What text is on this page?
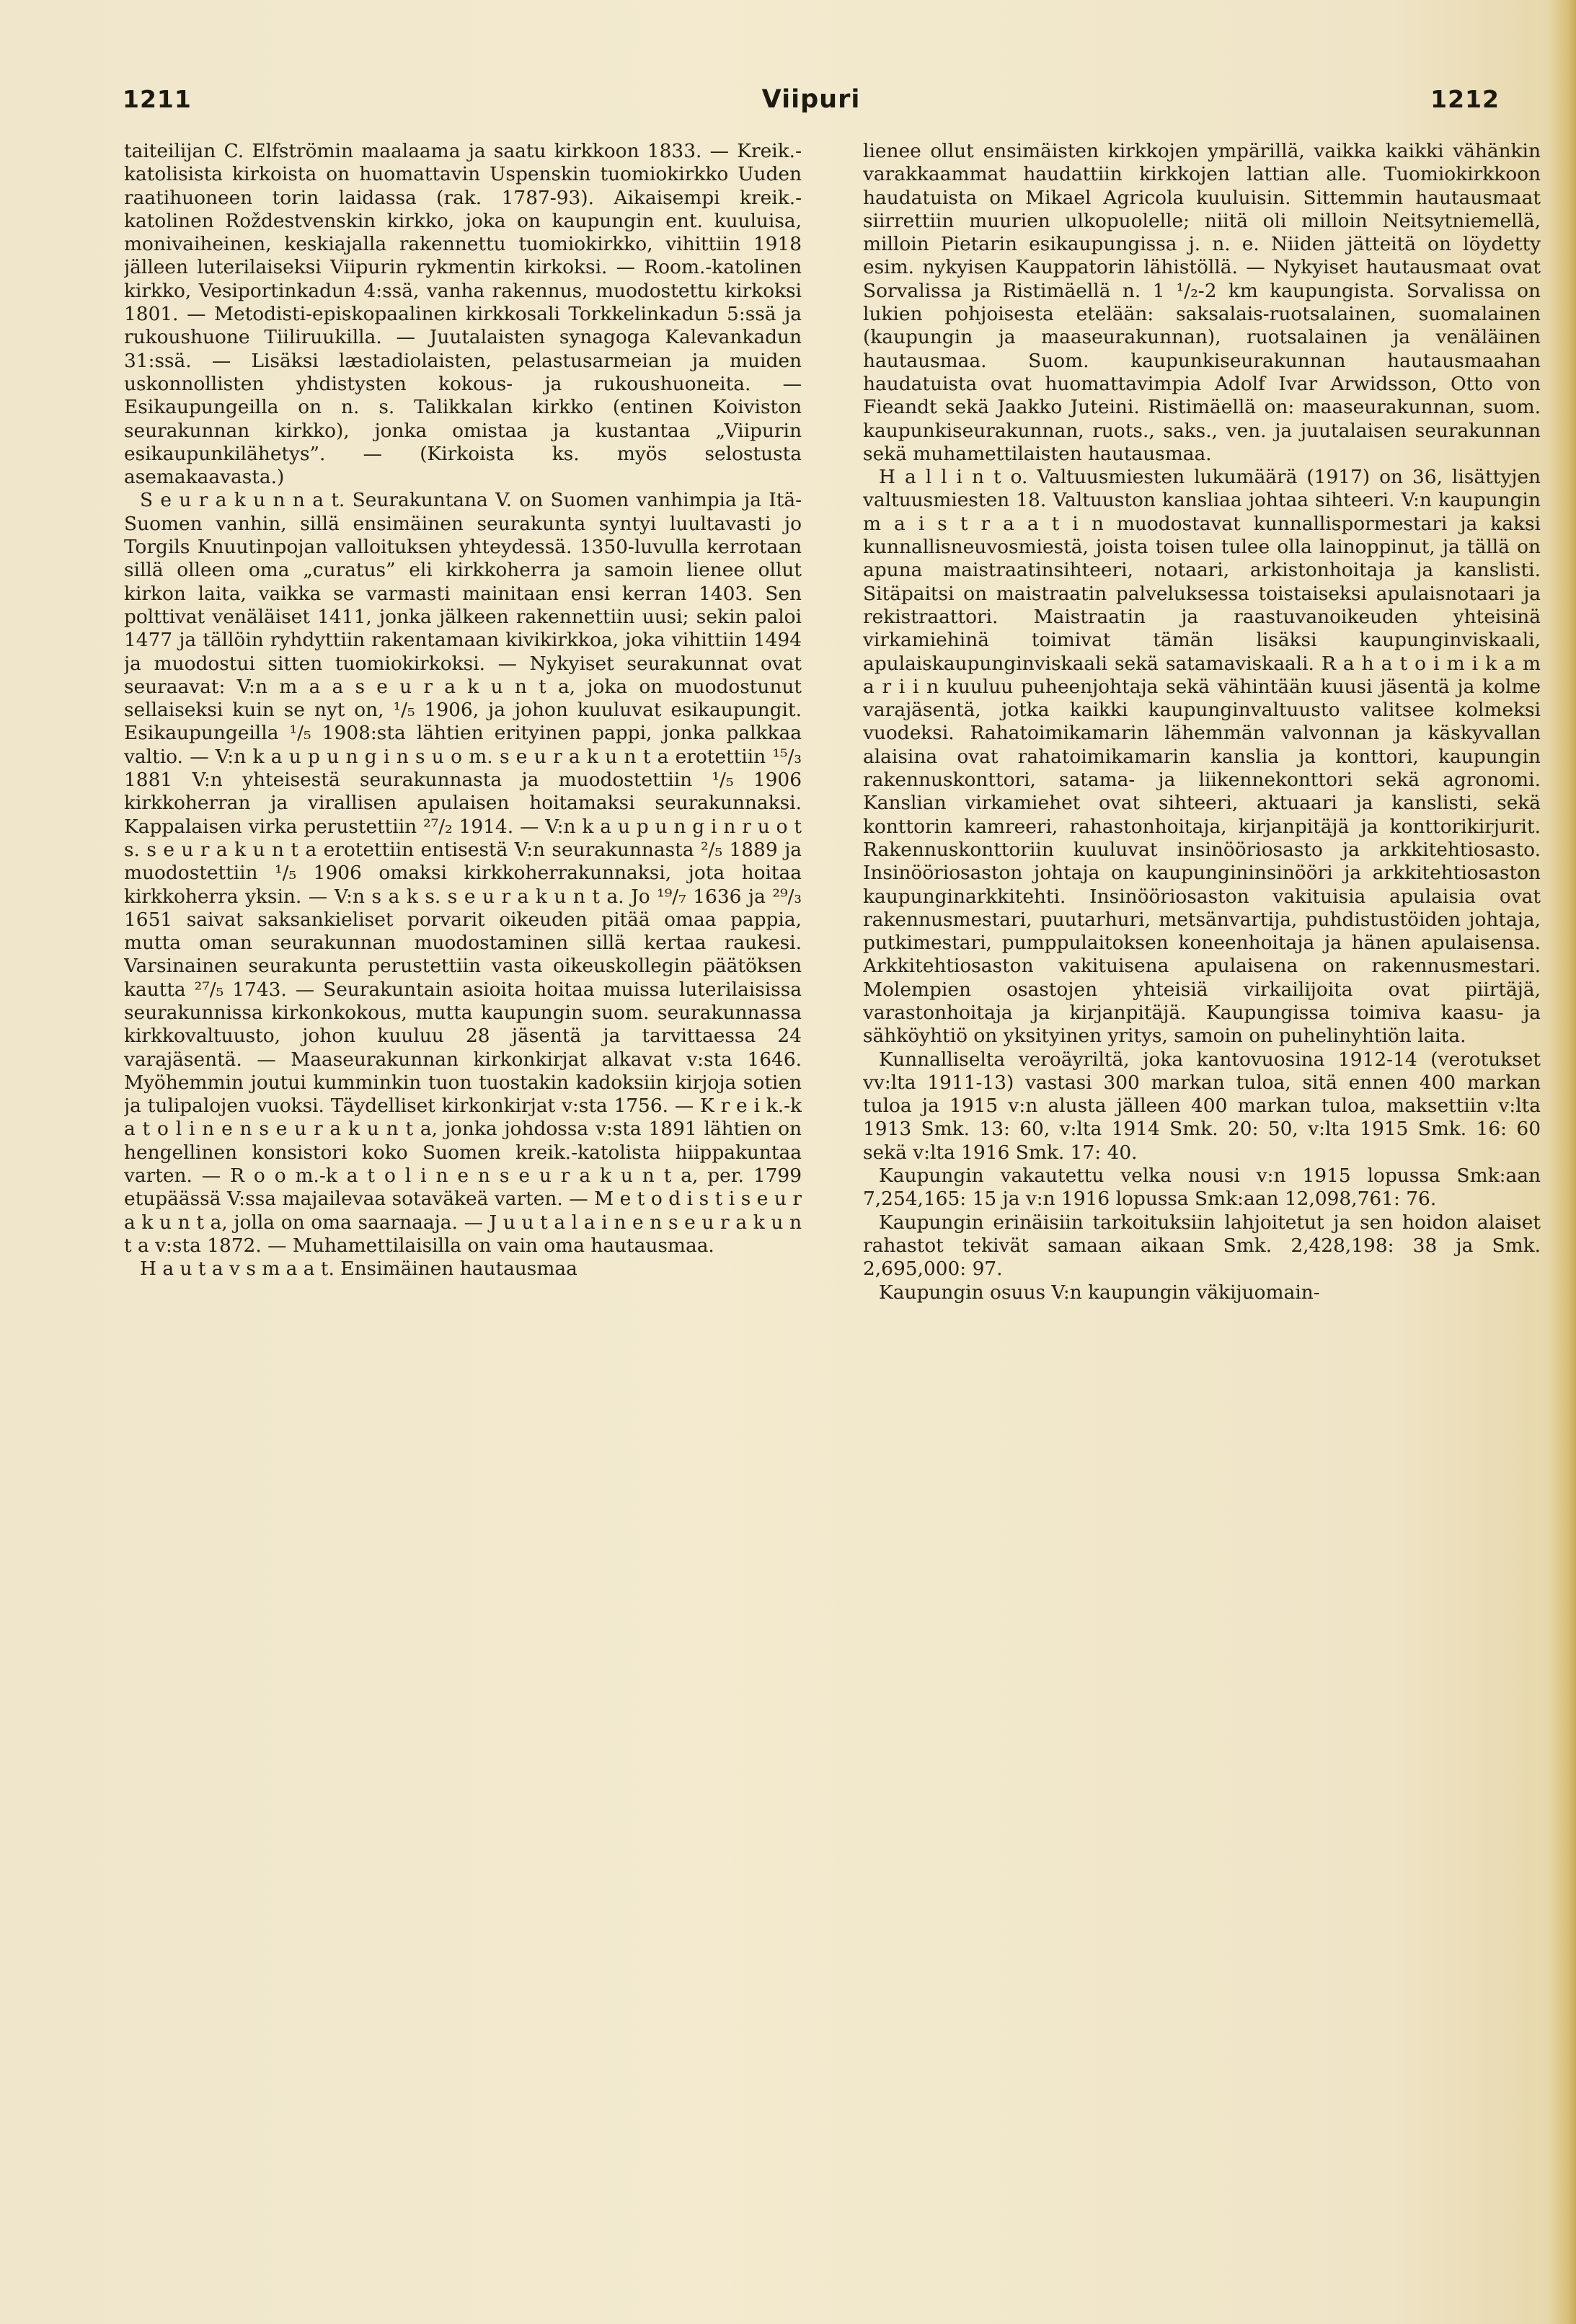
1211	Viipuri	1212

taiteilijan C. Elfströmin maalaama ja saatu kirkkoon 1833. — Kreik.-katolisista kirkoista on huomattavin Uspenskin tuomiokirkko Uuden raatihuoneen torin laidassa (rak. 1787-93). Aikaisempi kreik.-katolinen Roždestvenskin kirkko, joka on kaupungin ent. kuuluisa, monivaiheinen, keskiajalla rakennettu tuomiokirkko, vihittiin 1918 jälleen luterilaiseksi Viipurin rykmentin kirkoksi. — Room.-katolinen kirkko, Vesiportinkadun 4:ssä, vanha rakennus, muodostettu kirkoksi 1801. — Metodisti-episkopaalinen kirkkosali Torkkelinkadun 5:ssä ja rukoushuone Tiiliruukilla. — Juutalaisten synagoga Kalevankadun 31:ssä. — Lisäksi læstadiolaisten, pelastusarmeian ja muiden uskonnollisten yhdistysten kokous- ja rukoushuoneita. — Esikaupungeilla on n. s. Talikkalan kirkko (entinen Koiviston seurakunnan kirkko), jonka omistaa ja kustantaa „Viipurin esikaupunkilähetys”. — (Kirkoista ks. myös selostusta asemakaavasta.)

S e u r a k u n n a t. Seurakuntana V. on Suomen vanhimpia ja Itä-Suomen vanhin, sillä ensimäinen seurakunta syntyi luultavasti jo Torgils Knuutinpojan valloituksen yhteydessä. 1350-luvulla kerrotaan sillä olleen oma „curatus” eli kirkkoherra ja samoin lienee ollut kirkon laita, vaikka se varmasti mainitaan ensi kerran 1403. Sen polttivat venäläiset 1411, jonka jälkeen rakennettiin uusi; sekin paloi 1477 ja tällöin ryhdyttiin rakentamaan kivikirkkoa, joka vihittiin 1494 ja muodostui sitten tuomiokirkoksi. — Nykyiset seurakunnat ovat seuraavat: V:n m a a s e u r a k u n t a, joka on muodostunut sellaiseksi kuin se nyt on, ¹/₅ 1906, ja johon kuuluvat esikaupungit. Esikaupungeilla ¹/₅ 1908:sta lähtien erityinen pappi, jonka palkkaa valtio. — V:n k a u p u n g i n s u o m. s e u r a k u n t a erotettiin ¹⁵/₃ 1881 V:n yhteisestä seurakunnasta ja muodostettiin ¹/₅ 1906 kirkkoherran ja virallisen apulaisen hoitamaksi seurakunnaksi. Kappalaisen virka perustettiin ²⁷/₂ 1914. — V:n k a u p u n g i n r u o t s. s e u r a k u n t a erotettiin entisestä V:n seurakunnasta ²/₅ 1889 ja muodostettiin ¹/₅ 1906 omaksi kirkkoherrakunnaksi, jota hoitaa kirkkoherra yksin. — V:n s a k s. s e u r a k u n t a. Jo ¹⁹/₇ 1636 ja ²⁹/₃ 1651 saivat saksankieliset porvarit oikeuden pitää omaa pappia, mutta oman seurakunnan muodostaminen sillä kertaa raukesi. Varsinainen seurakunta perustettiin vasta oikeuskollegin päätöksen kautta ²⁷/₅ 1743. — Seurakuntain asioita hoitaa muissa luterilaisissa seurakunnissa kirkonkokous, mutta kaupungin suom. seurakunnassa kirkkovaltuusto, johon kuuluu 28 jäsentä ja tarvittaessa 24 varajäsentä. — Maaseurakunnan kirkonkirjat alkavat v:sta 1646. Myöhemmin joutui kumminkin tuon tuostakin kadoksiin kirjoja sotien ja tulipalojen vuoksi. Täydelliset kirkonkirjat v:sta 1756. — K r e i k.-k a t o l i n e n s e u r a k u n t a, jonka johdossa v:sta 1891 lähtien on hengellinen konsistori koko Suomen kreik.-katolista hiippakuntaa varten. — R o o m.-k a t o l i n e n s e u r a k u n t a, per. 1799 etupäässä V:ssa majailevaa sotaväkeä varten. — M e t o d i s t i s e u r a k u n t a, jolla on oma saarnaaja. — J u u t a l a i n e n s e u r a k u n t a v:sta 1872. — Muhamettilaisilla on vain oma hautausmaa.

H a u t a v s m a a t. Ensimäinen hautausmaa

lienee ollut ensimäisten kirkkojen ympärillä, vaikka kaikki vähänkin varakkaammat haudattiin kirkkojen lattian alle. Tuomiokirkkoon haudatuista on Mikael Agricola kuuluisin. Sittemmin hautausmaat siirrettiin muurien ulkopuolelle; niitä oli milloin Neitsytniemellä, milloin Pietarin esikaupungissa j. n. e. Niiden jätteitä on löydetty esim. nykyisen Kauppatorin lähistöllä. — Nykyiset hautausmaat ovat Sorvalissa ja Ristimäellä n. 1 ¹/₂-2 km kaupungista. Sorvalissa on lukien pohjoisesta etelään: saksalais-ruotsalainen, suomalainen (kaupungin ja maaseurakunnan), ruotsalainen ja venäläinen hautausmaa. Suom. kaupunkiseurakunnan hautausmaahan haudatuista ovat huomattavimpia Adolf Ivar Arwidsson, Otto von Fieandt sekä Jaakko Juteini. Ristimäellä on: maaseurakunnan, suom. kaupunkiseurakunnan, ruots., saks., ven. ja juutalaisen seurakunnan sekä muhamettilaisten hautausmaa.

H a l l i n t o. Valtuusmiesten lukumäärä (1917) on 36, lisättyjen valtuusmiesten 18. Valtuuston kansliaa johtaa sihteeri. V:n kaupungin m a i s t r a a t i n muodostavat kunnallispormestari ja kaksi kunnallisneuvosmiestä, joista toisen tulee olla lainoppinut, ja tällä on apuna maistraatinsihteeri, notaari, arkistonhoitaja ja kanslisti. Sitäpaitsi on maistraatin palveluksessa toistaiseksi apulaisnotaari ja rekistraattori. Maistraatin ja raastuvanoikeuden yhteisinä virkamiehinä toimivat tämän lisäksi kaupunginviskaali, apulaiskaupunginviskaali sekä satamaviskaali. R a h a t o i m i k a m a r i i n kuuluu puheenjohtaja sekä vähintään kuusi jäsentä ja kolme varajäsentä, jotka kaikki kaupunginvaltuusto valitsee kolmeksi vuodeksi. Rahatoimikamarin lähemmän valvonnan ja käskyvallan alaisina ovat rahatoimikamarin kanslia ja konttori, kaupungin rakennuskonttori, satama- ja liikennekonttori sekä agronomi. Kanslian virkamiehet ovat sihteeri, aktuaari ja kanslisti, sekä konttorin kamreeri, rahastonhoitaja, kirjanpitäjä ja konttorikirjurit. Rakennuskonttoriin kuuluvat insinööriosasto ja arkkitehtiosasto. Insinööriosaston johtaja on kaupungininsinööri ja arkkitehtiosaston kaupunginarkkitehti. Insinööriosaston vakituisia apulaisia ovat rakennusmestari, puutarhuri, metsänvartija, puhdistustöiden johtaja, putkimestari, pumppulaitoksen koneenhoitaja ja hänen apulaisensa. Arkkitehtiosaston vakituisena apulaisena on rakennusmestari. Molempien osastojen yhteisiä virkailijoita ovat piirtäjä, varastonhoitaja ja kirjanpitäjä. Kaupungissa toimiva kaasu- ja sähköyhtiö on yksityinen yritys, samoin on puhelinyhtiön laita.

Kunnalliselta veroäyriltä, joka kantovuosina 1912-14 (verotukset vv:lta 1911-13) vastasi 300 markan tuloa, sitä ennen 400 markan tuloa ja 1915 v:n alusta jälleen 400 markan tuloa, maksettiin v:lta 1913 Smk. 13: 60, v:lta 1914 Smk. 20: 50, v:lta 1915 Smk. 16: 60 sekä v:lta 1916 Smk. 17: 40.

Kaupungin vakautettu velka nousi v:n 1915 lopussa Smk:aan 7,254,165: 15 ja v:n 1916 lopussa Smk:aan 12,098,761: 76.

Kaupungin erinäisiin tarkoituksiin lahjoitetut ja sen hoidon alaiset rahastot tekivät samaan aikaan Smk. 2,428,198: 38 ja Smk. 2,695,000: 97.

Kaupungin osuus V:n kaupungin väkijuomain-
